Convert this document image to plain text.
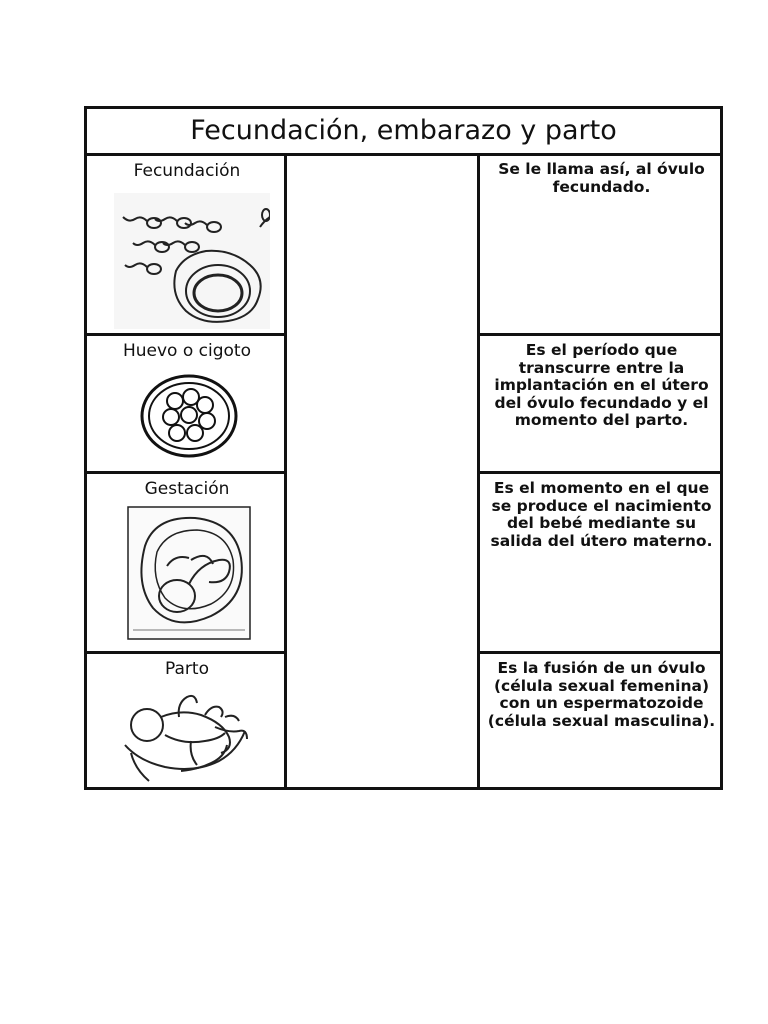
Fecundación, embarazo y parto
Fecundación
Huevo o cigoto
Gestación
Parto
Se le llama así, al óvulo fecundado.
Es el período que transcurre entre la implantación en el útero del óvulo fecundado y el momento del parto.
Es el momento en el que se produce el nacimiento del bebé mediante su salida del útero materno.
Es la fusión de un óvulo (célula sexual femenina) con un espermatozoide (célula sexual masculina).
